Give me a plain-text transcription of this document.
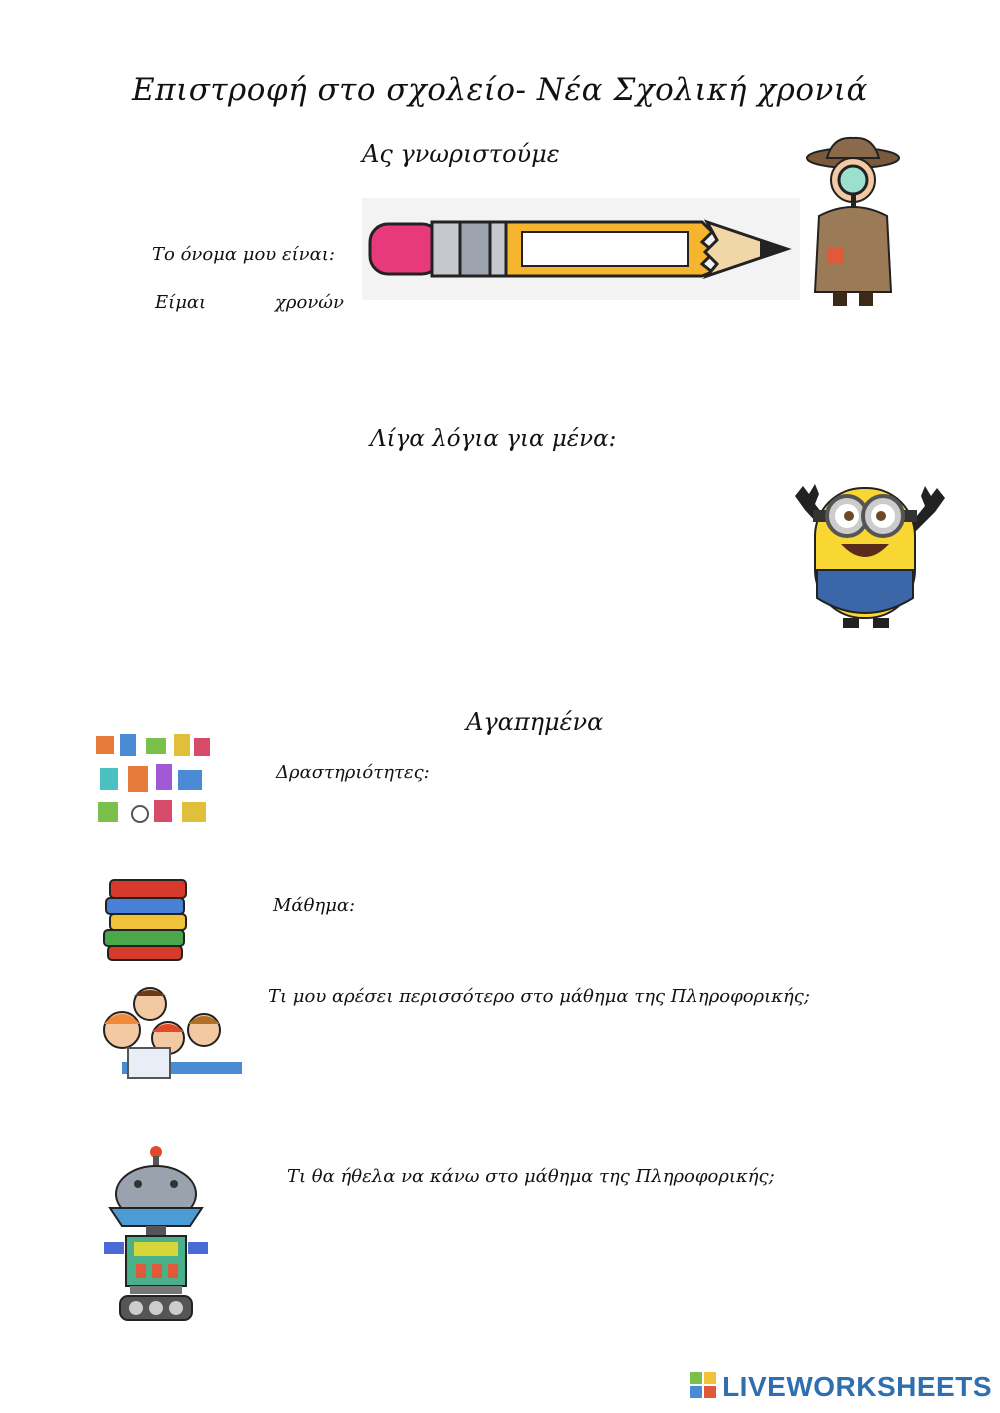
Επιστροφή στο σχολείο- Νέα Σχολική χρονιά
Ας γνωριστούμε
Το όνομα μου είναι:
Είμαι	χρονών
Λίγα λόγια για μένα:
Αγαπημένα
Δραστηριότητες:
Μάθημα:
Τι μου αρέσει περισσότερο στο μάθημα της Πληροφορικής;
Τι θα ήθελα να κάνω στο μάθημα της Πληροφορικής;
LIVEWORKSHEETS
